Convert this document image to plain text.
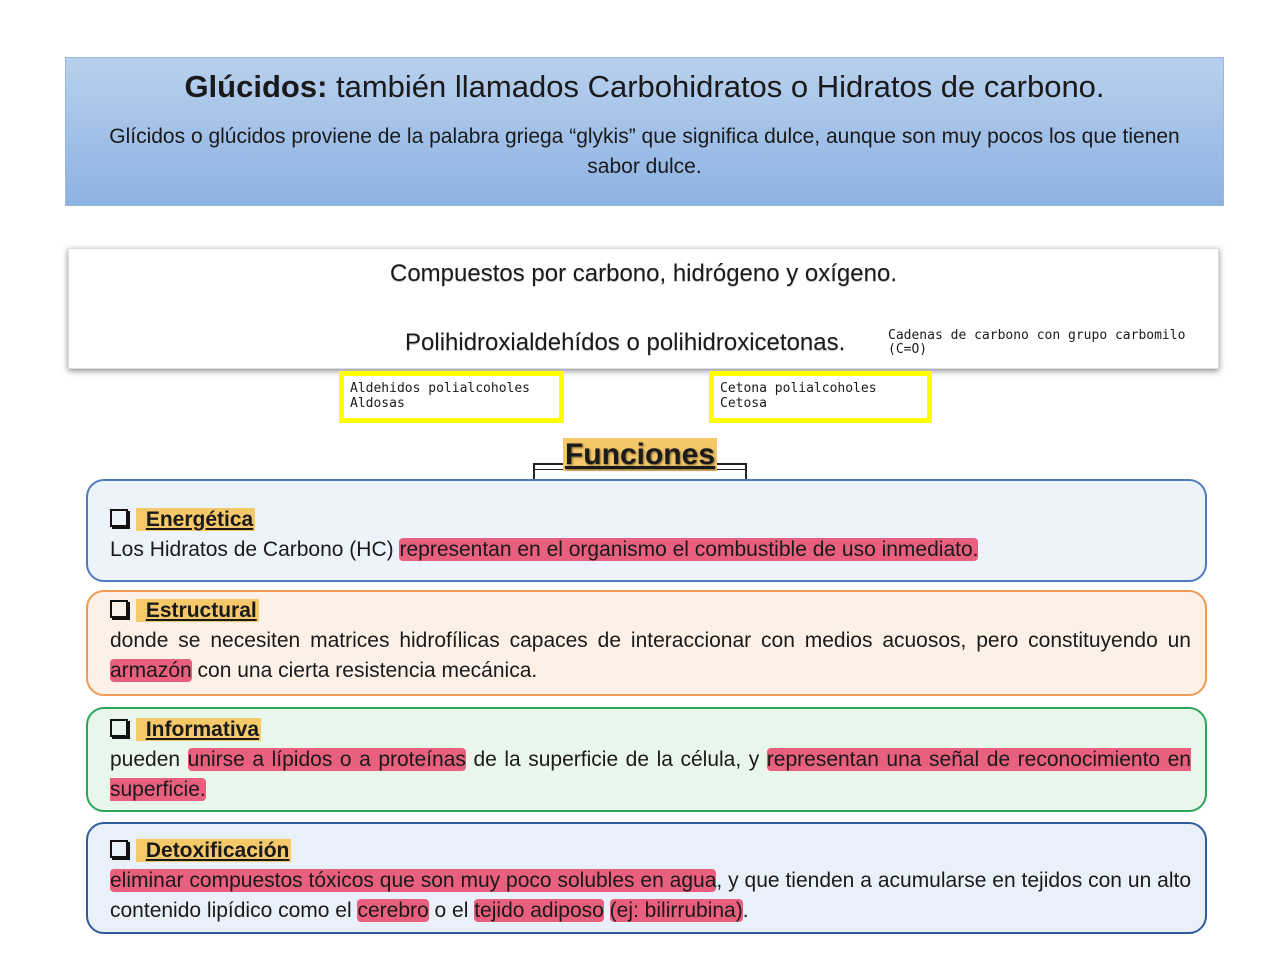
Glúcidos: también llamados Carbohidratos o Hidratos de carbono.
Glícidos o glúcidos proviene de la palabra griega “glykis” que significa dulce, aunque son muy pocos los que tienen sabor dulce.
Compuestos por carbono, hidrógeno y oxígeno.
Polihidroxialdehídos o polihidroxicetonas.	Cadenas de carbono con grupo carbomilo
(C=O)
Aldehidos polialcoholes
Aldosas
Cetona polialcoholes
Cetosa
Funciones
Energética
Los Hidratos de Carbono (HC) representan en el organismo el combustible de uso inmediato.
Estructural
donde se necesiten matrices hidrofílicas capaces de interaccionar con medios acuosos, pero constituyendo un armazón con una cierta resistencia mecánica.
Informativa
pueden unirse a lípidos o a proteínas de la superficie de la célula, y representan una señal de reconocimiento en superficie.
Detoxificación
eliminar compuestos tóxicos que son muy poco solubles en agua, y que tienden a acumularse en tejidos con un alto contenido lipídico como el cerebro o el tejido adiposo (ej: bilirrubina).
